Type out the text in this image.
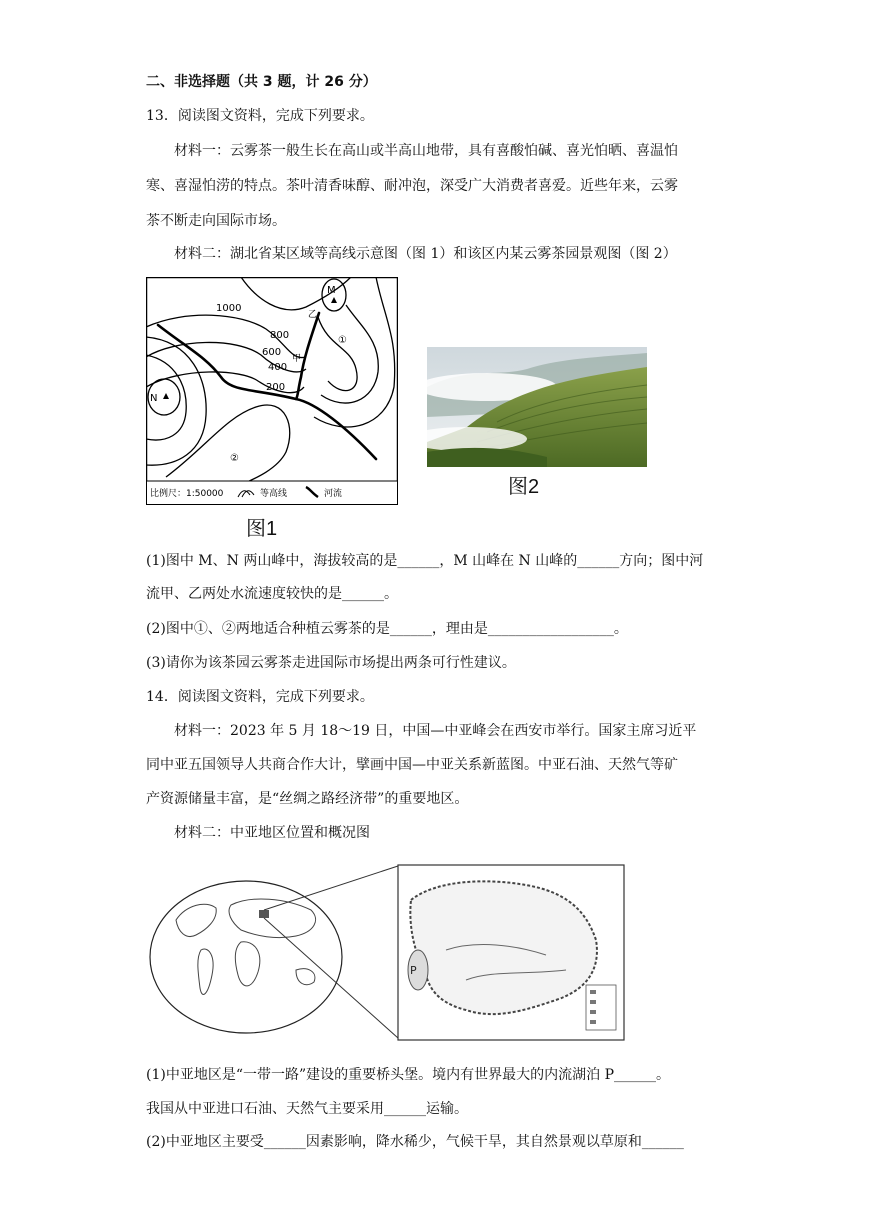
二、非选择题（共 3 题，计 26 分）
13．阅读图文资料，完成下列要求。
材料一：云雾茶一般生长在高山或半高山地带，具有喜酸怕碱、喜光怕晒、喜温怕
寒、喜湿怕涝的特点。茶叶清香味醇、耐冲泡，深受广大消费者喜爱。近些年来，云雾
茶不断走向国际市场。
材料二：湖北省某区域等高线示意图（图 1）和该区内某云雾茶园景观图（图 2）
1000
800
600
400
200
M
N
甲
乙
①
②
比例尺：1:50000	等高线	河流
图1
图2
(1)图中 M、N 两山峰中，海拔较高的是______，M 山峰在 N 山峰的______方向；图中河
流甲、乙两处水流速度较快的是______。
(2)图中①、②两地适合种植云雾茶的是______，理由是__________________。
(3)请你为该茶园云雾茶走进国际市场提出两条可行性建议。
14．阅读图文资料，完成下列要求。
材料一：2023 年 5 月 18～19 日，中国—中亚峰会在西安市举行。国家主席习近平
同中亚五国领导人共商合作大计，擘画中国—中亚关系新蓝图。中亚石油、天然气等矿
产资源储量丰富，是“丝绸之路经济带”的重要地区。
材料二：中亚地区位置和概况图
P
(1)中亚地区是“一带一路”建设的重要桥头堡。境内有世界最大的内流湖泊 P______。
我国从中亚进口石油、天然气主要采用______运输。
(2)中亚地区主要受______因素影响，降水稀少，气候干旱，其自然景观以草原和______
